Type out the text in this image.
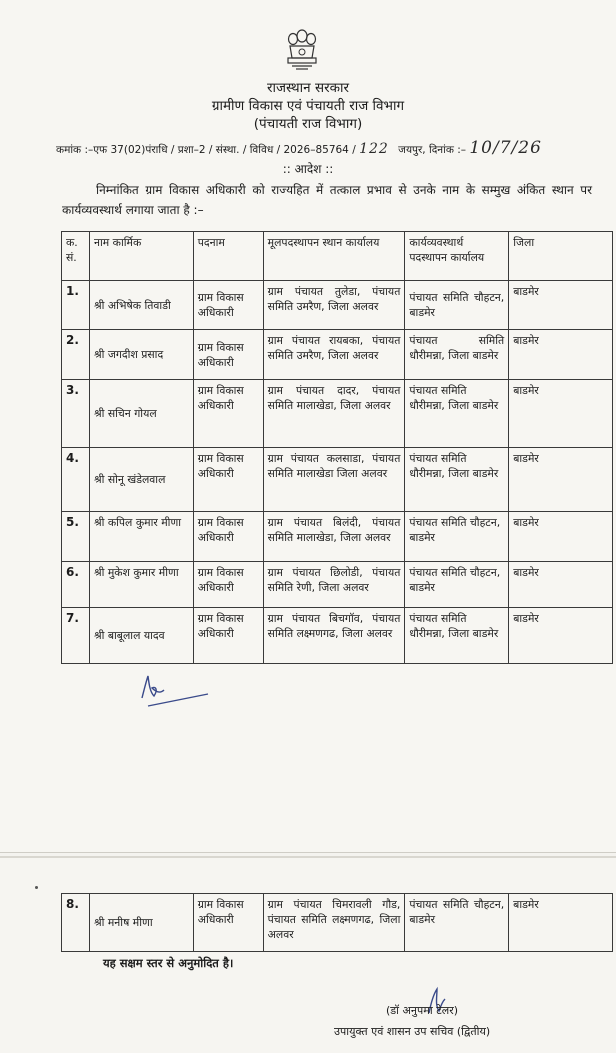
राजस्थान सरकार
ग्रामीण विकास एवं पंचायती राज विभाग
(पंचायती राज विभाग)
कमांक :–एफ 37(02)पंराधि / प्रशा–2 / संस्था. / विविध / 2026–85764 / 122 जयपुर, दिनांक :– 10/7/26
:: आदेश ::
निम्नांकित ग्राम विकास अधिकारी को राज्यहित में तत्काल प्रभाव से उनके नाम के सम्मुख अंकित स्थान पर कार्यव्यवस्थार्थ लगाया जाता है :–
क. सं.	नाम कार्मिक	पदनाम	मूलपदस्थापन स्थान कार्यालय	कार्यव्यवस्थार्थ पदस्थापन कार्यालय	जिला
1.	श्री अभिषेक तिवाडी	ग्राम विकास अधिकारी	ग्राम पंचायत तुलेडा, पंचायत समिति उमरैण, जिला अलवर	पंचायत समिति चौहटन, बाडमेर	बाडमेर
2.	श्री जगदीश प्रसाद	ग्राम विकास अधिकारी	ग्राम पंचायत रायबका, पंचायत समिति उमरैण, जिला अलवर	पंचायत समिति धौरीमन्ना, जिला बाडमेर	बाडमेर
3.	श्री सचिन गोयल	ग्राम विकास अधिकारी	ग्राम पंचायत दादर, पंचायत समिति मालाखेडा, जिला अलवर	पंचायत समिति धौरीमन्ना, जिला बाडमेर	बाडमेर
4.	श्री सोनू खंडेलवाल	ग्राम विकास अधिकारी	ग्राम पंचायत कलसाडा, पंचायत समिति मालाखेडा जिला अलवर	पंचायत समिति धौरीमन्ना, जिला बाडमेर	बाडमेर
5.	श्री कपिल कुमार मीणा	ग्राम विकास अधिकारी	ग्राम पंचायत बिलंदी, पंचायत समिति मालाखेडा, जिला अलवर	पंचायत समिति चौहटन, बाडमेर	बाडमेर
6.	श्री मुकेश कुमार मीणा	ग्राम विकास अधिकारी	ग्राम पंचायत छिलोडी, पंचायत समिति रेणी, जिला अलवर	पंचायत समिति चौहटन, बाडमेर	बाडमेर
7.	श्री बाबूलाल यादव	ग्राम विकास अधिकारी	ग्राम पंचायत बिचगॉव, पंचायत समिति लक्ष्मणगढ, जिला अलवर	पंचायत समिति धौरीमन्ना, जिला बाडमेर	बाडमेर
8.	श्री मनीष मीणा	ग्राम विकास अधिकारी	ग्राम पंचायत चिमरावली गौड, पंचायत समिति लक्ष्मणगढ, जिला अलवर	पंचायत समिति चौहटन, बाडमेर	बाडमेर
यह सक्षम स्तर से अनुमोदित है।
(डॉ अनुपमा टेलर)
उपायुक्त एवं शासन उप सचिव (द्वितीय)
